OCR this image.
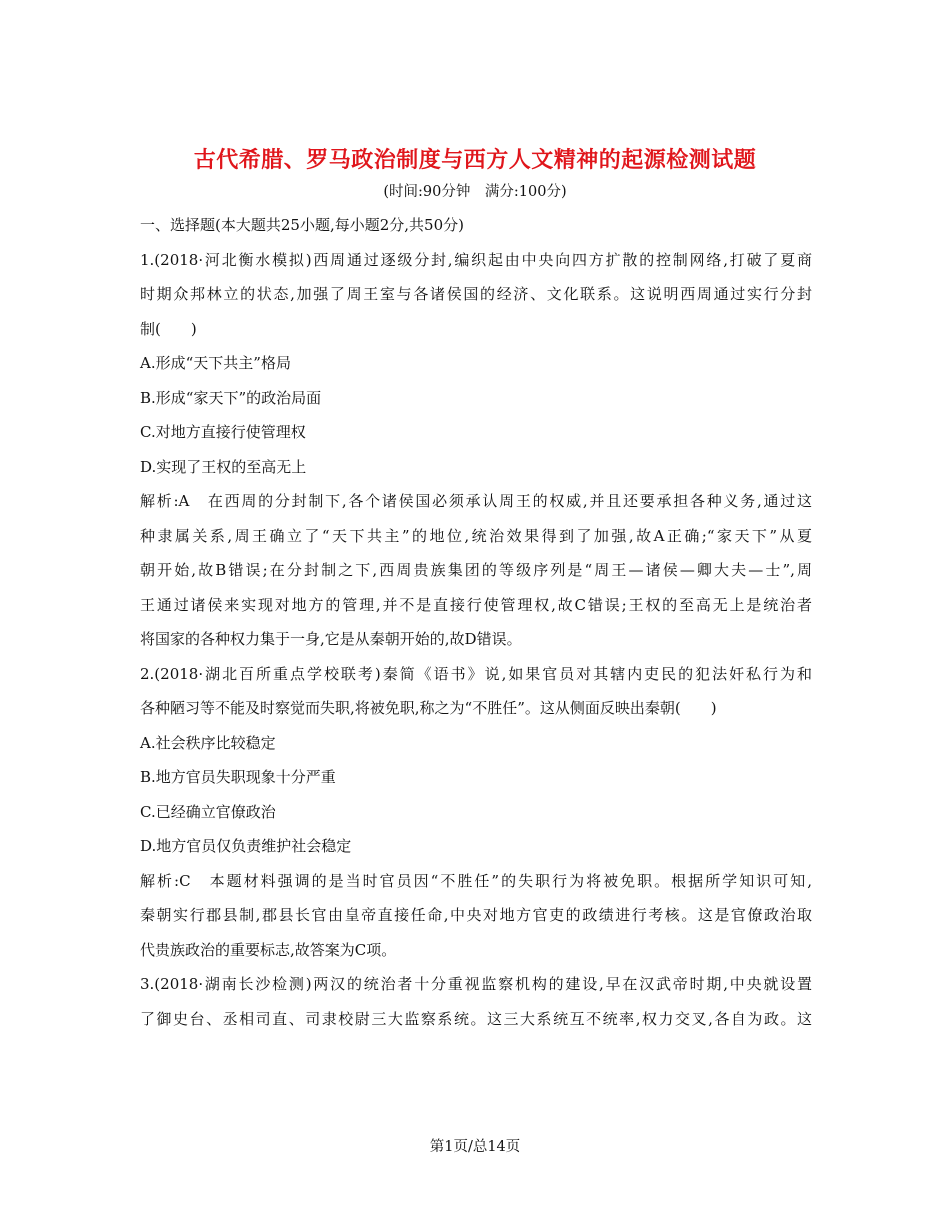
古代希腊、罗马政治制度与西方人文精神的起源检测试题
(时间:90分钟　满分:100分)
一、选择题(本大题共25小题,每小题2分,共50分)
1.(2018·河北衡水模拟)西周通过逐级分封,编织起由中央向四方扩散的控制网络,打破了夏商
时期众邦林立的状态,加强了周王室与各诸侯国的经济、文化联系。这说明西周通过实行分封
制(　　)
A.形成“天下共主”格局
B.形成“家天下”的政治局面
C.对地方直接行使管理权
D.实现了王权的至高无上
解析:A　在西周的分封制下,各个诸侯国必须承认周王的权威,并且还要承担各种义务,通过这
种隶属关系,周王确立了“天下共主”的地位,统治效果得到了加强,故A正确;“家天下”从夏
朝开始,故B错误;在分封制之下,西周贵族集团的等级序列是“周王—诸侯—卿大夫—士”,周
王通过诸侯来实现对地方的管理,并不是直接行使管理权,故C错误;王权的至高无上是统治者
将国家的各种权力集于一身,它是从秦朝开始的,故D错误。
2.(2018·湖北百所重点学校联考)秦简《语书》说,如果官员对其辖内吏民的犯法奸私行为和
各种陋习等不能及时察觉而失职,将被免职,称之为“不胜任”。这从侧面反映出秦朝(　　)
A.社会秩序比较稳定
B.地方官员失职现象十分严重
C.已经确立官僚政治
D.地方官员仅负责维护社会稳定
解析:C　本题材料强调的是当时官员因“不胜任”的失职行为将被免职。根据所学知识可知,
秦朝实行郡县制,郡县长官由皇帝直接任命,中央对地方官吏的政绩进行考核。这是官僚政治取
代贵族政治的重要标志,故答案为C项。
3.(2018·湖南长沙检测)两汉的统治者十分重视监察机构的建设,早在汉武帝时期,中央就设置
了御史台、丞相司直、司隶校尉三大监察系统。这三大系统互不统率,权力交叉,各自为政。这
第1页/总14页
